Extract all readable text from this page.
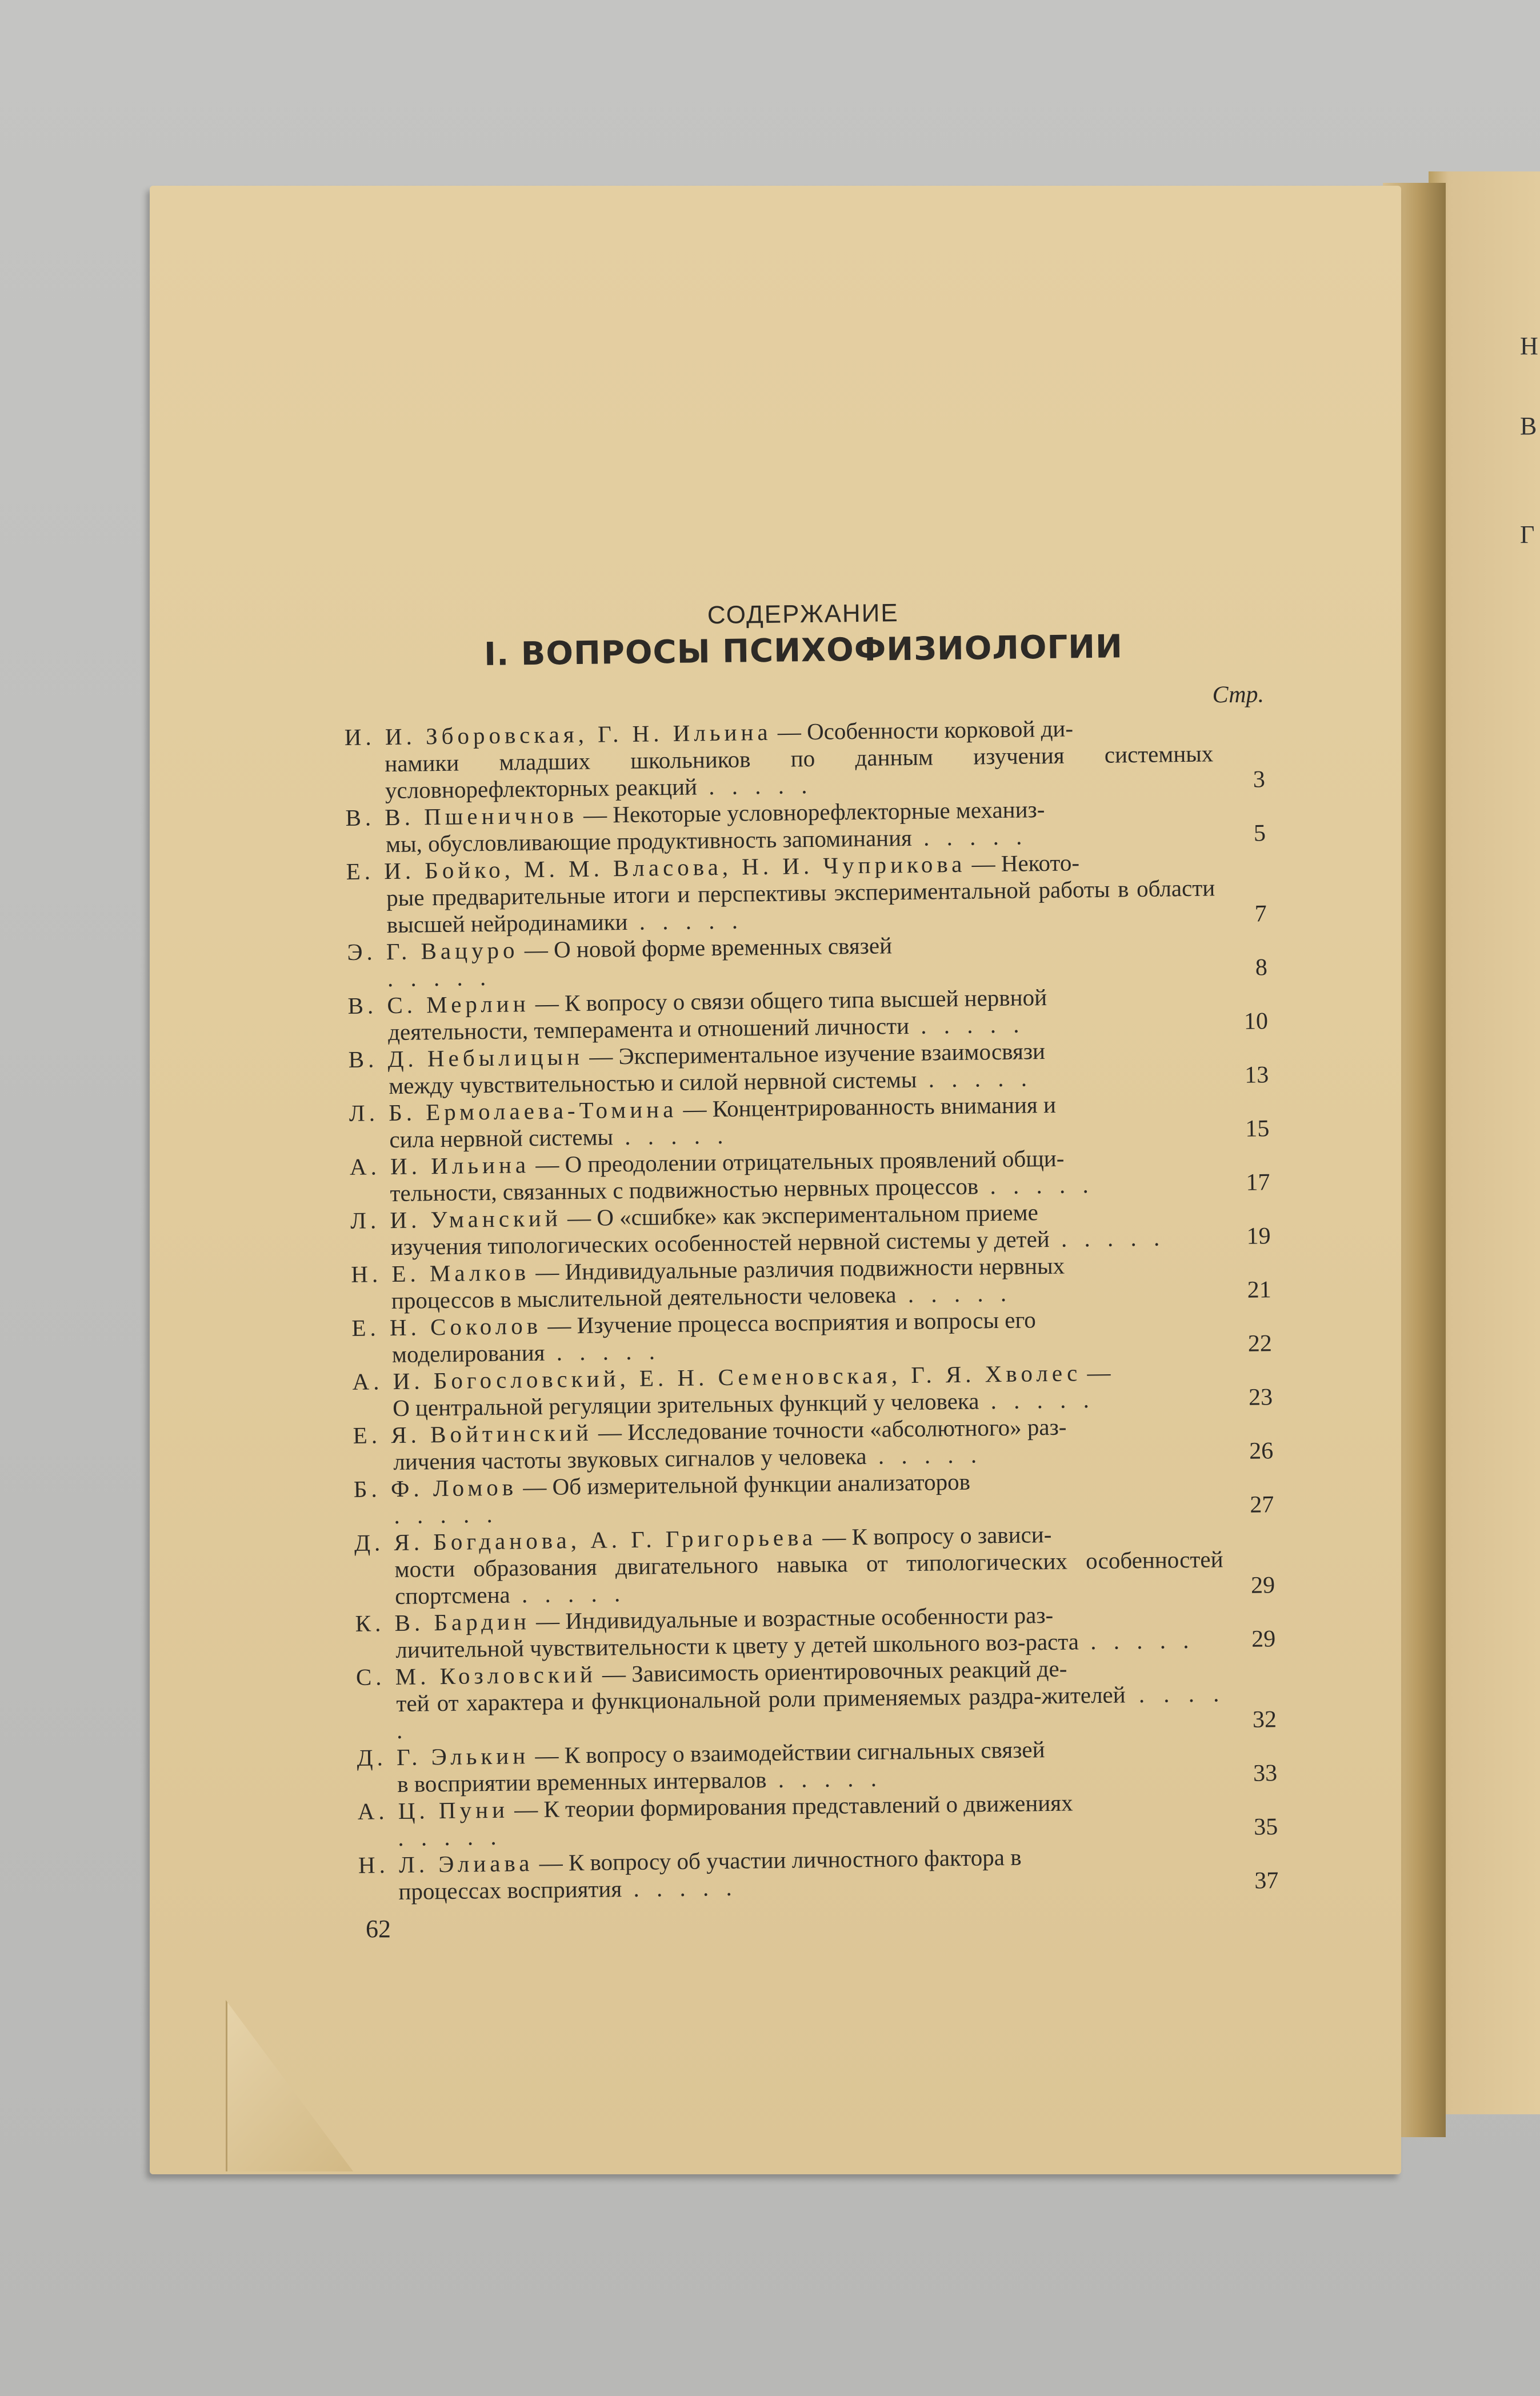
Н
В
Г
СОДЕРЖАНИЕ
I. ВОПРОСЫ ПСИХОФИЗИОЛОГИИ
Стр.
И. И. Зборовская, Г. Н. Ильина — Особенности корковой ди-
намики младших школьников по данным изучения системных условнорефлекторных реакций . . . . .	3
В. В. Пшеничнов — Некоторые условнорефлекторные механиз-
мы, обусловливающие продуктивность запоминания . . . . .	5
Е. И. Бойко, М. М. Власова, Н. И. Чуприкова — Некото-
рые предварительные итоги и перспективы экспериментальной работы в области высшей нейродинамики . . . . .	7
Э. Г. Вацуро — О новой форме временных связей
. . . . .	8
В. С. Мерлин — К вопросу о связи общего типа высшей нервной
деятельности, темперамента и отношений личности . . . . .	10
В. Д. Небылицын — Экспериментальное изучение взаимосвязи
между чувствительностью и силой нервной системы . . . . .	13
Л. Б. Ермолаева-Томина — Концентрированность внимания и
сила нервной системы . . . . .	15
А. И. Ильина — О преодолении отрицательных проявлений общи-
тельности, связанных с подвижностью нервных процессов . . . . .	17
Л. И. Уманский — О «сшибке» как экспериментальном приеме
изучения типологических особенностей нервной системы у детей . . . . .	19
Н. Е. Малков — Индивидуальные различия подвижности нервных
процессов в мыслительной деятельности человека . . . . .	21
Е. Н. Соколов — Изучение процесса восприятия и вопросы его
моделирования . . . . .	22
А. И. Богословский, Е. Н. Семеновская, Г. Я. Хволес —
О центральной регуляции зрительных функций у человека . . . . .	23
Е. Я. Войтинский — Исследование точности «абсолютного» раз-
личения частоты звуковых сигналов у человека . . . . .	26
Б. Ф. Ломов — Об измерительной функции анализаторов
. . . . .	27
Д. Я. Богданова, А. Г. Григорьева — К вопросу о зависи-
мости образования двигательного навыка от типологических особенностей спортсмена . . . . .	29
К. В. Бардин — Индивидуальные и возрастные особенности раз-
личительной чувствительности к цвету у детей школьного воз-раста . . . . .	29
С. М. Козловский — Зависимость ориентировочных реакций де-
тей от характера и функциональной роли применяемых раздра-жителей . . . . .	32
Д. Г. Элькин — К вопросу о взаимодействии сигнальных связей
в восприятии временных интервалов . . . . .	33
А. Ц. Пуни — К теории формирования представлений о движениях
. . . . .	35
Н. Л. Элиава — К вопросу об участии личностного фактора в
процессах восприятия . . . . .	37
62
